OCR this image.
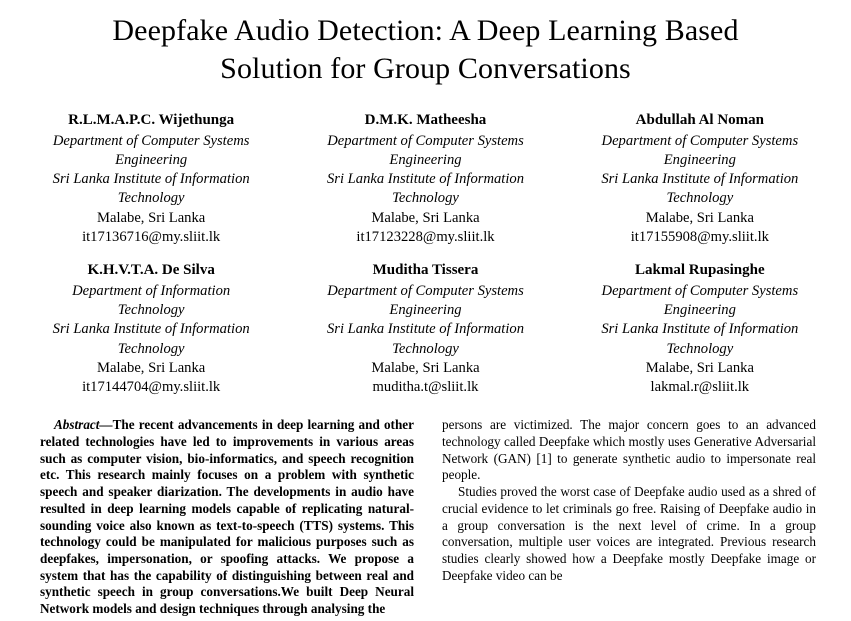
Deepfake Audio Detection: A Deep Learning Based
Solution for Group Conversations
R.L.M.A.P.C. Wijethunga
Department of Computer Systems
Engineering
Sri Lanka Institute of Information
Technology
Malabe, Sri Lanka
it17136716@my.sliit.lk
D.M.K. Matheesha
Department of Computer Systems
Engineering
Sri Lanka Institute of Information
Technology
Malabe, Sri Lanka
it17123228@my.sliit.lk
Abdullah Al Noman
Department of Computer Systems
Engineering
Sri Lanka Institute of Information
Technology
Malabe, Sri Lanka
it17155908@my.sliit.lk
K.H.V.T.A. De Silva
Department of Information
Technology
Sri Lanka Institute of Information
Technology
Malabe, Sri Lanka
it17144704@my.sliit.lk
Muditha Tissera
Department of Computer Systems
Engineering
Sri Lanka Institute of Information
Technology
Malabe, Sri Lanka
muditha.t@sliit.lk
Lakmal Rupasinghe
Department of Computer Systems
Engineering
Sri Lanka Institute of Information
Technology
Malabe, Sri Lanka
lakmal.r@sliit.lk

Abstract—The recent advancements in deep learning and other related technologies have led to improvements in various areas such as computer vision, bio-informatics, and speech recognition etc. This research mainly focuses on a problem with synthetic speech and speaker diarization. The developments in audio have resulted in deep learning models capable of replicating natural-sounding voice also known as text-to-speech (TTS) systems. This technology could be manipulated for malicious purposes such as deepfakes, impersonation, or spoofing attacks. We propose a system that has the capability of distinguishing between real and synthetic speech in group conversations.We built Deep Neural Network models and design techniques through analysing the

persons are victimized. The major concern goes to an advanced technology called Deepfake which mostly uses Generative Adversarial Network (GAN) [1] to generate synthetic audio to impersonate real people.

Studies proved the worst case of Deepfake audio used as a shred of crucial evidence to let criminals go free. Raising of Deepfake audio in a group conversation is the next level of crime. In a group conversation, multiple user voices are integrated. Previous research studies clearly showed how a Deepfake mostly Deepfake image or Deepfake video can be
